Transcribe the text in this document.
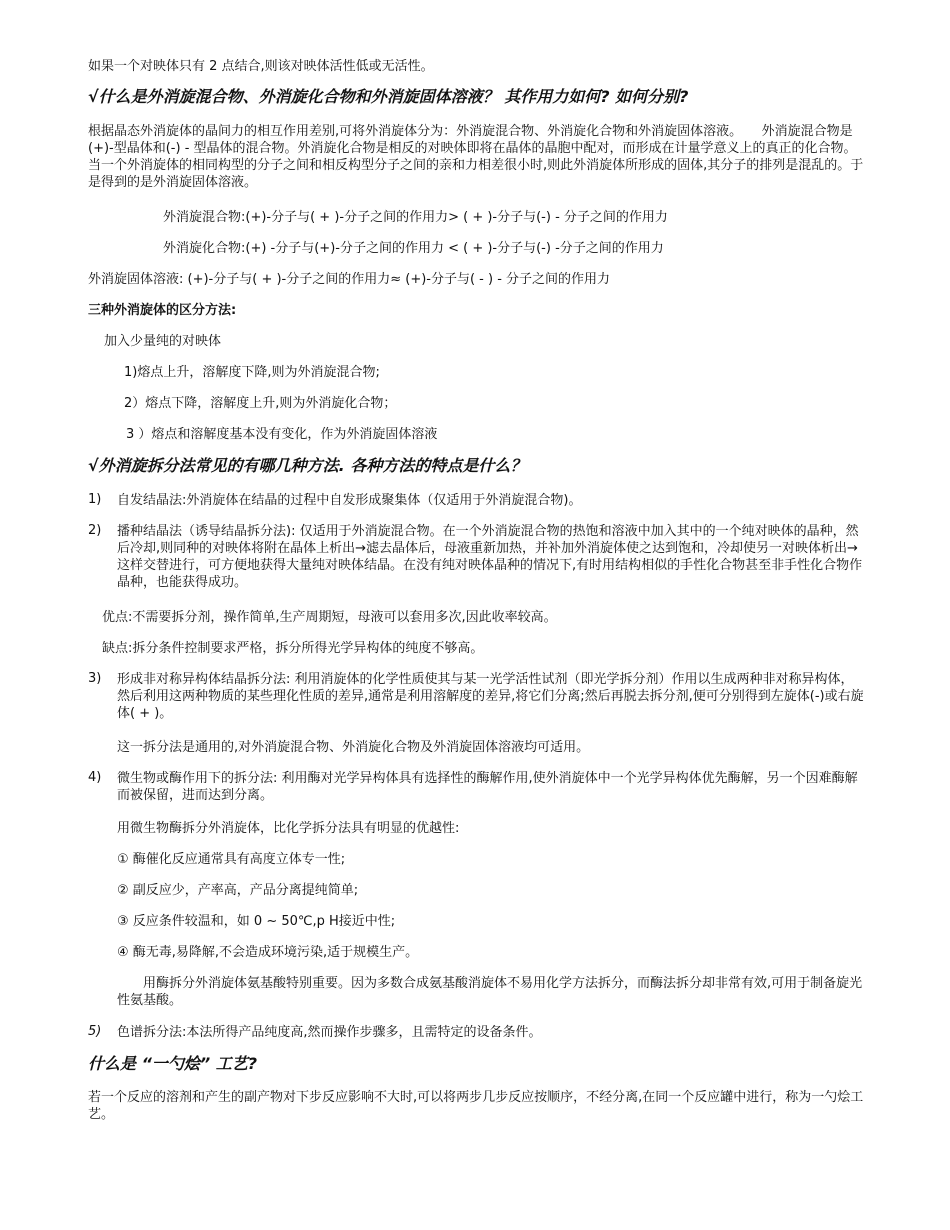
如果一个对映体只有 2 点结合,则该对映体活性低或无活性。

√什么是外消旋混合物、外消旋化合物和外消旋固体溶液？ 其作用力如何? 如何分别?

根据晶态外消旋体的晶间力的相互作用差别,可将外消旋体分为：外消旋混合物、外消旋化合物和外消旋固体溶液。　　外消旋混合物是(+)-型晶体和(-) - 型晶体的混合物。外消旋化合物是相反的对映体即将在晶体的晶胞中配对，而形成在计量学意义上的真正的化合物。当一个外消旋体的相同构型的分子之间和相反构型分子之间的亲和力相差很小时,则此外消旋体所形成的固体,其分子的排列是混乱的。于是得到的是外消旋固体溶液。

外消旋混合物:(+)-分子与( + )-分子之间的作用力> ( + )-分子与(-) - 分子之间的作用力

外消旋化合物:(+) -分子与(+)-分子之间的作用力 < ( + )-分子与(-) -分子之间的作用力

外消旋固体溶液: (+)-分子与( + )-分子之间的作用力≈ (+)-分子与( - ) - 分子之间的作用力

三种外消旋体的区分方法:

加入少量纯的对映体

1)熔点上升，溶解度下降,则为外消旋混合物;

2）熔点下降，溶解度上升,则为外消旋化合物；

3 ）熔点和溶解度基本没有变化，作为外消旋固体溶液

√外消旋拆分法常见的有哪几种方法. 各种方法的特点是什么？

1)	自发结晶法:外消旋体在结晶的过程中自发形成聚集体（仅适用于外消旋混合物)。
2)	播种结晶法（诱导结晶拆分法): 仅适用于外消旋混合物。在一个外消旋混合物的热饱和溶液中加入其中的一个纯对映体的晶种，然后冷却,则同种的对映体将附在晶体上析出→滤去晶体后，母液重新加热，并补加外消旋体使之达到饱和，冷却使另一对映体析出→这样交替进行，可方便地获得大量纯对映体结晶。在没有纯对映体晶种的情况下,有时用结构相似的手性化合物甚至非手性化合物作晶种，也能获得成功。

优点:不需要拆分剂，操作简单,生产周期短，母液可以套用多次,因此收率较高。

缺点:拆分条件控制要求严格，拆分所得光学异构体的纯度不够高。

3)	形成非对称异构体结晶拆分法: 利用消旋体的化学性质使其与某一光学活性试剂（即光学拆分剂）作用以生成两种非对称异构体，然后利用这两种物质的某些理化性质的差异,通常是利用溶解度的差异,将它们分离;然后再脱去拆分剂,便可分别得到左旋体(-)或右旋体( + )。

这一拆分法是通用的,对外消旋混合物、外消旋化合物及外消旋固体溶液均可适用。

4)	微生物或酶作用下的拆分法: 利用酶对光学异构体具有选择性的酶解作用,使外消旋体中一个光学异构体优先酶解，另一个因难酶解而被保留，进而达到分离。

用微生物酶拆分外消旋体，比化学拆分法具有明显的优越性:

① 酶催化反应通常具有高度立体专一性;

② 副反应少，产率高，产品分离提纯简单;

③ 反应条件较温和，如 0 ~ 50℃,p H接近中性;

④ 酶无毒,易降解,不会造成环境污染,适于规模生产。

　　用酶拆分外消旋体氨基酸特别重要。因为多数合成氨基酸消旋体不易用化学方法拆分，而酶法拆分却非常有效,可用于制备旋光性氨基酸。

5)	色谱拆分法:本法所得产品纯度高,然而操作步骤多，且需特定的设备条件。

什么是 “一勺烩” 工艺?

若一个反应的溶剂和产生的副产物对下步反应影响不大时,可以将两步几步反应按顺序，不经分离,在同一个反应罐中进行，称为一勺烩工艺。
